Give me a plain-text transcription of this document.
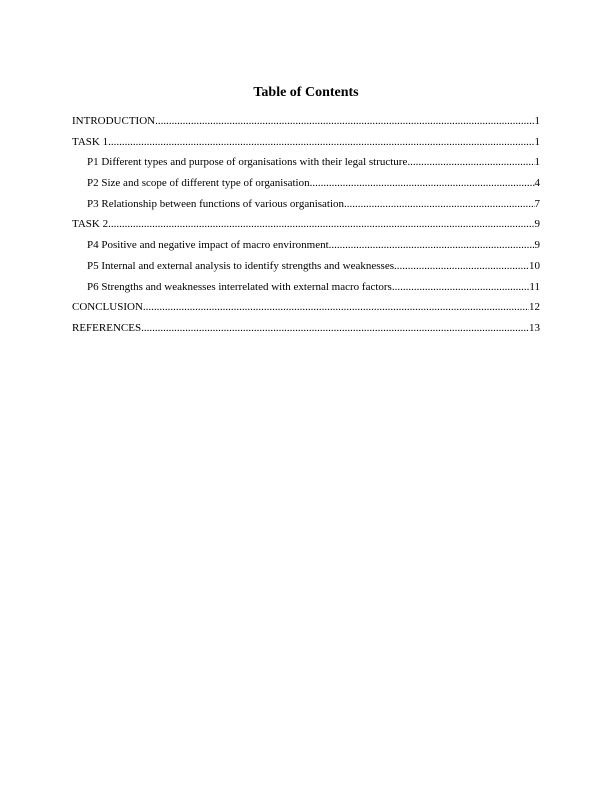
Table of Contents
INTRODUCTION .....	1
TASK 1 .....	1
P1 Different types and purpose of organisations with their legal structure .....	1
P2 Size and scope of different type of organisation .....	4
P3 Relationship between functions of various organisation .....	7
TASK 2 .....	9
P4 Positive and negative impact of macro environment .....	9
P5 Internal and external analysis to identify strengths and weaknesses .....	10
P6 Strengths and weaknesses interrelated with external macro factors .....	11
CONCLUSION .....	12
REFERENCES .....	13
